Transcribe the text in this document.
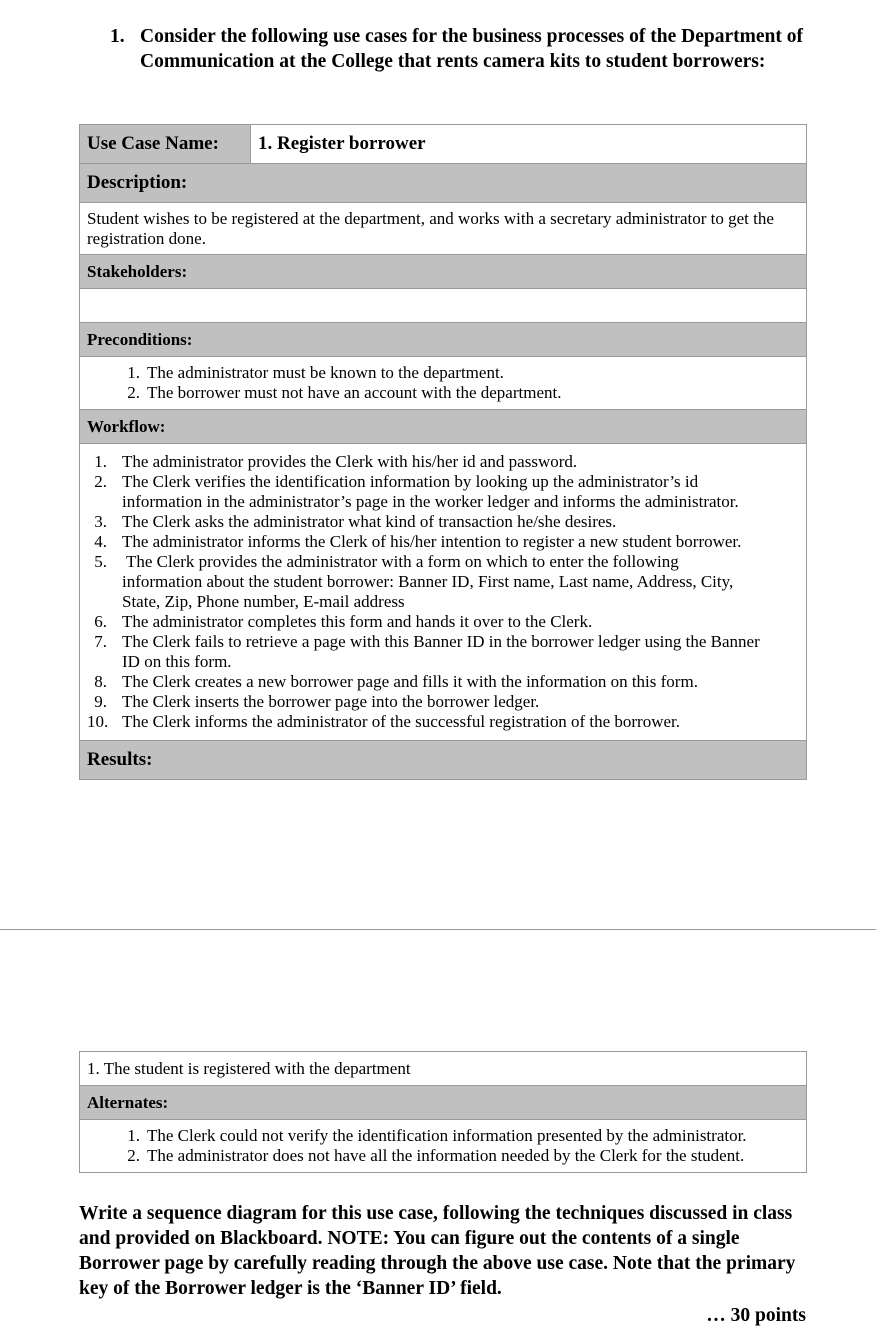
1. Consider the following use cases for the business processes of the Department of Communication at the College that rents camera kits to student borrowers:
Use Case Name:	1. Register borrower
Description:
Student wishes to be registered at the department, and works with a secretary administrator to get the registration done.
Stakeholders:

Preconditions:

1. The administrator must be known to the department.
2. The borrower must not have an account with the department.

Workflow:

1. The administrator provides the Clerk with his/her id and password.
2. The Clerk verifies the identification information by looking up the administrator’s id
information in the administrator’s page in the worker ledger and informs the administrator.
3. The Clerk asks the administrator what kind of transaction he/she desires.
4. The administrator informs the Clerk of his/her intention to register a new student borrower.
5. The Clerk provides the administrator with a form on which to enter the following
information about the student borrower: Banner ID, First name, Last name, Address, City,
State, Zip, Phone number, E-mail address
6. The administrator completes this form and hands it over to the Clerk.
7. The Clerk fails to retrieve a page with this Banner ID in the borrower ledger using the Banner
ID on this form.
8. The Clerk creates a new borrower page and fills it with the information on this form.
9. The Clerk inserts the borrower page into the borrower ledger.
10. The Clerk informs the administrator of the successful registration of the borrower.

Results:
1. The student is registered with the department
Alternates:

1. The Clerk could not verify the identification information presented by the administrator.
2. The administrator does not have all the information needed by the Clerk for the student.
Write a sequence diagram for this use case, following the techniques discussed in class and provided on Blackboard. NOTE: You can figure out the contents of a single Borrower page by carefully reading through the above use case. Note that the primary key of the Borrower ledger is the ‘Banner ID’ field.
… 30 points
